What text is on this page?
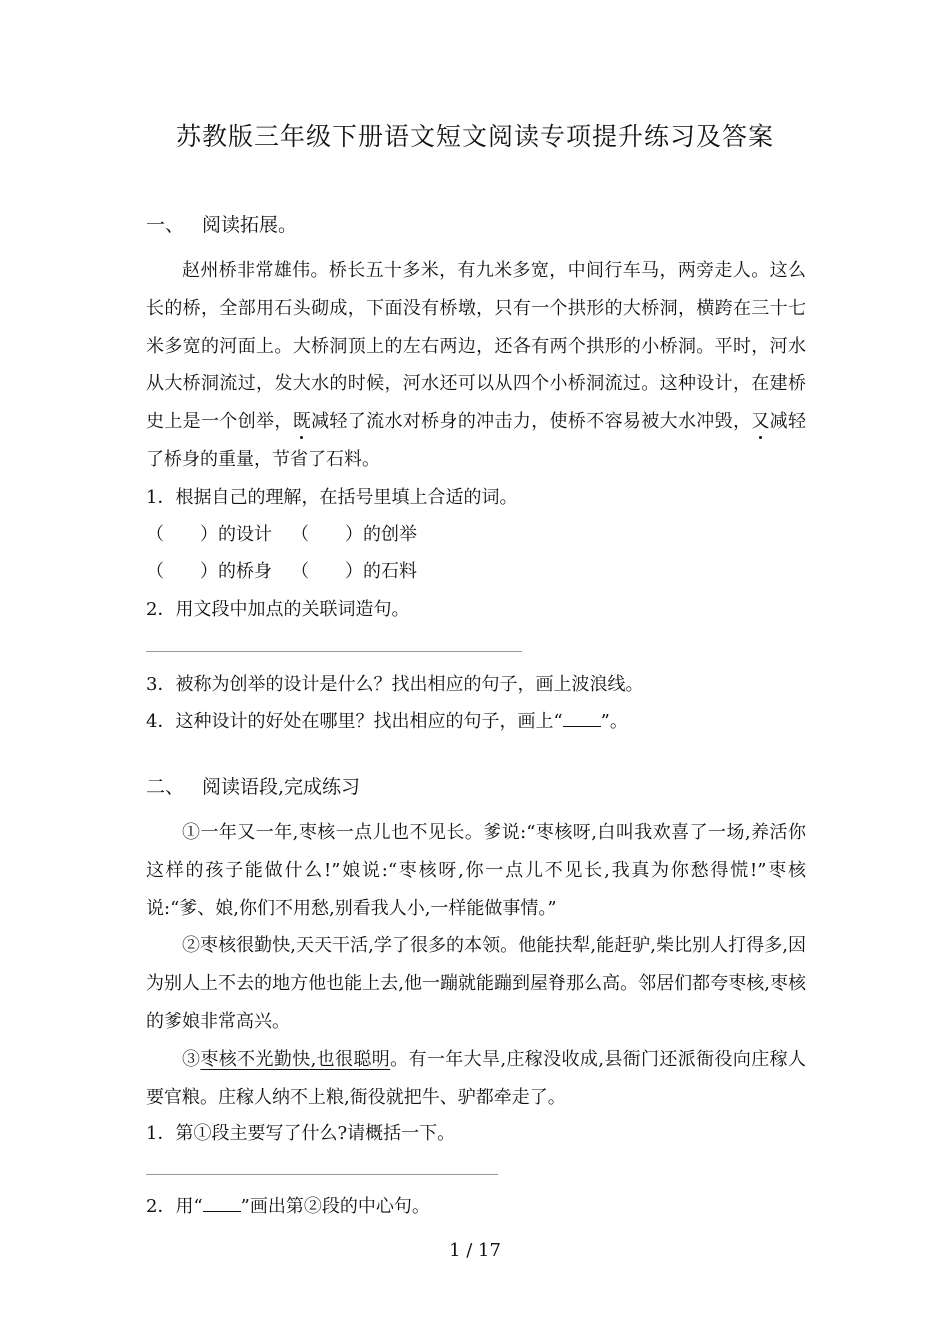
苏教版三年级下册语文短文阅读专项提升练习及答案
一、 阅读拓展。

赵州桥非常雄伟。桥长五十多米，有九米多宽，中间行车马，两旁走人。这么长的桥，全部用石头砌成，下面没有桥墩，只有一个拱形的大桥洞，横跨在三十七米多宽的河面上。大桥洞顶上的左右两边，还各有两个拱形的小桥洞。平时，河水从大桥洞流过，发大水的时候，河水还可以从四个小桥洞流过。这种设计，在建桥史上是一个创举，既减轻了流水对桥身的冲击力，使桥不容易被大水冲毁，又减轻了桥身的重量，节省了石料。

1．根据自己的理解，在括号里填上合适的词。
（　　）的设计 （　　）的创举
（　　）的桥身 （　　）的石料
2．用文段中加点的关联词造句。
3．被称为创举的设计是什么？找出相应的句子，画上波浪线。
4．这种设计的好处在哪里？找出相应的句子，画上“ ”。
二、 阅读语段,完成练习

①一年又一年,枣核一点儿也不见长。爹说:“枣核呀,白叫我欢喜了一场,养活你这样的孩子能做什么!”娘说:“枣核呀,你一点儿不见长,我真为你愁得慌!”枣核说:“爹、娘,你们不用愁,别看我人小,一样能做事情。”

②枣核很勤快,天天干活,学了很多的本领。他能扶犁,能赶驴,柴比别人打得多,因为别人上不去的地方他也能上去,他一蹦就能蹦到屋脊那么高。邻居们都夸枣核,枣核的爹娘非常高兴。

③枣核不光勤快,也很聪明。有一年大旱,庄稼没收成,县衙门还派衙役向庄稼人要官粮。庄稼人纳不上粮,衙役就把牛、驴都牵走了。

1．第①段主要写了什么?请概括一下。
2．用“ ”画出第②段的中心句。
1 / 17
